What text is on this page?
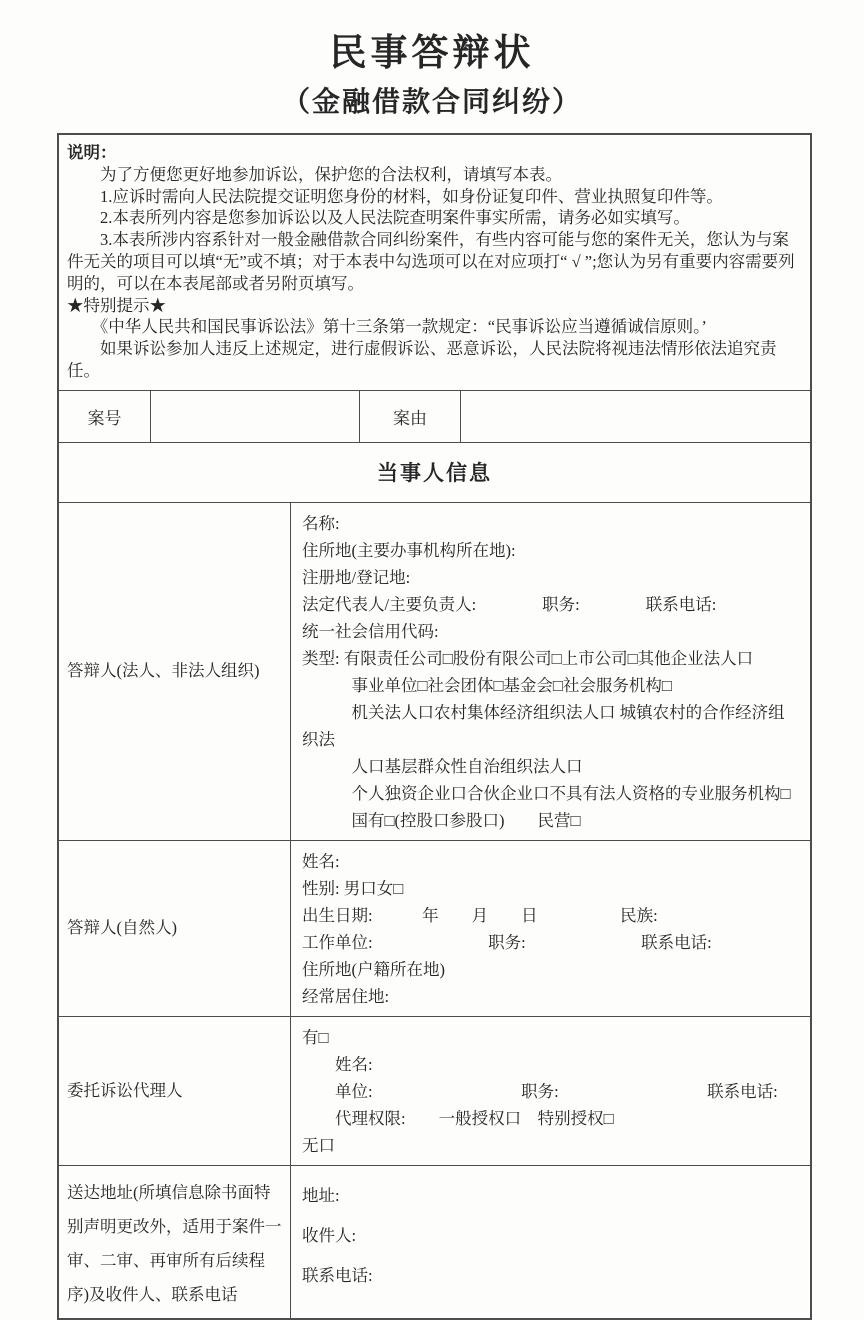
民事答辩状
（金融借款合同纠纷）
说明：
　　为了方便您更好地参加诉讼，保护您的合法权利，请填写本表。
　　1.应诉时需向人民法院提交证明您身份的材料，如身份证复印件、营业执照复印件等。
　　2.本表所列内容是您参加诉讼以及人民法院查明案件事实所需，请务必如实填写。
　　3.本表所涉内容系针对一般金融借款合同纠纷案件，有些内容可能与您的案件无关，您认为与案件无关的项目可以填“无”或不填；对于本表中勾选项可以在对应项打“ √ ”;您认为另有重要内容需要列明的，可以在本表尾部或者另附页填写。
★特别提示★
　　《中华人民共和国民事诉讼法》第十三条第一款规定：“民事诉讼应当遵循诚信原则。’
　　如果诉讼参加人违反上述规定，进行虚假诉讼、恶意诉讼，人民法院将视违法情形依法追究责任。
案号	案由
当事人信息
答辩人(法人、非法人组织)
名称:
住所地(主要办事机构所在地):
注册地/登记地:
法定代表人/主要负责人:　　　　职务:　　　　联系电话:
统一社会信用代码:
类型: 有限责任公司□股份有限公司□上市公司□其他企业法人口
　　　事业单位□社会团体□基金会□社会服务机构□
　　　机关法人口农村集体经济组织法人口 城镇农村的合作经济组织法
　　　人口基层群众性自治组织法人口
　　　个人独资企业口合伙企业口不具有法人资格的专业服务机构□
　　　国有□(控股口参股口)　　民营□
答辩人(自然人)
姓名:
性别: 男口女□
出生日期:　　　年　　月　　日　　　　　民族:
工作单位:　　　　　　　职务:　　　　　　　联系电话:
住所地(户籍所在地)
经常居住地:
委托诉讼代理人
有□
　　姓名:
　　单位:　　　　　　　　　职务:　　　　　　　　　联系电话:
　　代理权限:　　一般授权口　特别授权□
无口
送达地址(所填信息除书面特别声明更改外，适用于案件一审、二审、再审所有后续程序)及收件人、联系电话
地址:
收件人:
联系电话:
